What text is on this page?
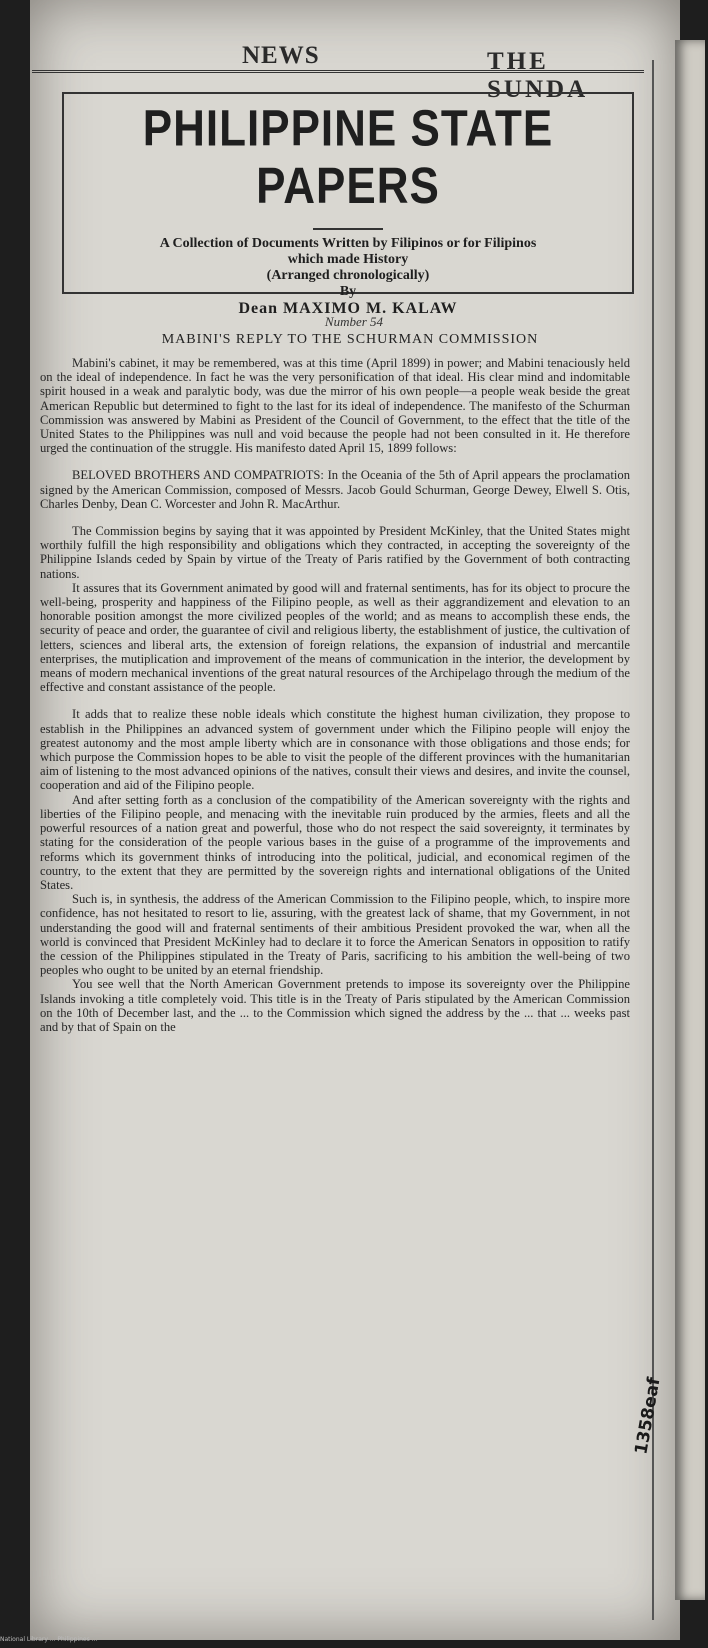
NEWS	THE SUNDA
PHILIPPINE STATE PAPERS
A Collection of Documents Written by Filipinos or for Filipinos
which made History
(Arranged chronologically)
By
Dean MAXIMO M. KALAW
Number 54
MABINI'S REPLY TO THE SCHURMAN COMMISSION

Mabini's cabinet, it may be remembered, was at this time (April 1899) in power; and Mabini tenaciously held on the ideal of independence. In fact he was the very personification of that ideal. His clear mind and indomitable spirit housed in a weak and paralytic body, was due the mirror of his own people—a people weak beside the great American Republic but determined to fight to the last for its ideal of independence. The manifesto of the Schurman Commission was answered by Mabini as President of the Council of Government, to the effect that the title of the United States to the Philippines was null and void because the people had not been consulted in it. He therefore urged the continuation of the struggle. His manifesto dated April 15, 1899 follows:

BELOVED BROTHERS AND COMPATRIOTS: In the Oceania of the 5th of April appears the proclamation signed by the American Commission, composed of Messrs. Jacob Gould Schurman, George Dewey, Elwell S. Otis, Charles Denby, Dean C. Worcester and John R. MacArthur.

The Commission begins by saying that it was appointed by President McKinley, that the United States might worthily fulfill the high responsibility and obligations which they contracted, in accepting the sovereignty of the Philippine Islands ceded by Spain by virtue of the Treaty of Paris ratified by the Government of both contracting nations.

It assures that its Government animated by good will and fraternal sentiments, has for its object to procure the well-being, prosperity and happiness of the Filipino people, as well as their aggrandizement and elevation to an honorable position amongst the more civilized peoples of the world; and as means to accomplish these ends, the security of peace and order, the guarantee of civil and religious liberty, the establishment of justice, the cultivation of letters, sciences and liberal arts, the extension of foreign relations, the expansion of industrial and mercantile enterprises, the mutiplication and improvement of the means of communication in the interior, the development by means of modern mechanical inventions of the great natural resources of the Archipelago through the medium of the effective and constant assistance of the people.

It adds that to realize these noble ideals which constitute the highest human civilization, they propose to establish in the Philippines an advanced system of government under which the Filipino people will enjoy the greatest autonomy and the most ample liberty which are in consonance with those obligations and those ends; for which purpose the Commission hopes to be able to visit the people of the different provinces with the humanitarian aim of listening to the most advanced opinions of the natives, consult their views and desires, and invite the counsel, cooperation and aid of the Filipino people.

And after setting forth as a conclusion of the compatibility of the American sovereignty with the rights and liberties of the Filipino people, and menacing with the inevitable ruin produced by the armies, fleets and all the powerful resources of a nation great and powerful, those who do not respect the said sovereignty, it terminates by stating for the consideration of the people various bases in the guise of a programme of the improvements and reforms which its government thinks of introducing into the political, judicial, and economical regimen of the country, to the extent that they are permitted by the sovereign rights and international obligations of the United States.

Such is, in synthesis, the address of the American Commission to the Filipino people, which, to inspire more confidence, has not hesitated to resort to lie, assuring, with the greatest lack of shame, that my Government, in not understanding the good will and fraternal sentiments of their ambitious President provoked the war, when all the world is convinced that President McKinley had to declare it to force the American Senators in opposition to ratify the cession of the Philippines stipulated in the Treaty of Paris, sacrificing to his ambition the well-being of two peoples who ought to be united by an eternal friendship.

You see well that the North American Government pretends to impose its sovereignty over the Philippine Islands invoking a title completely void. This title is in the Treaty of Paris stipulated by the American Commission on the 10th of December last, and the ... to the Commission which signed the address by the ... that ... weeks past and by that of Spain on the

1358eaf
National Library ... Philippines ...
